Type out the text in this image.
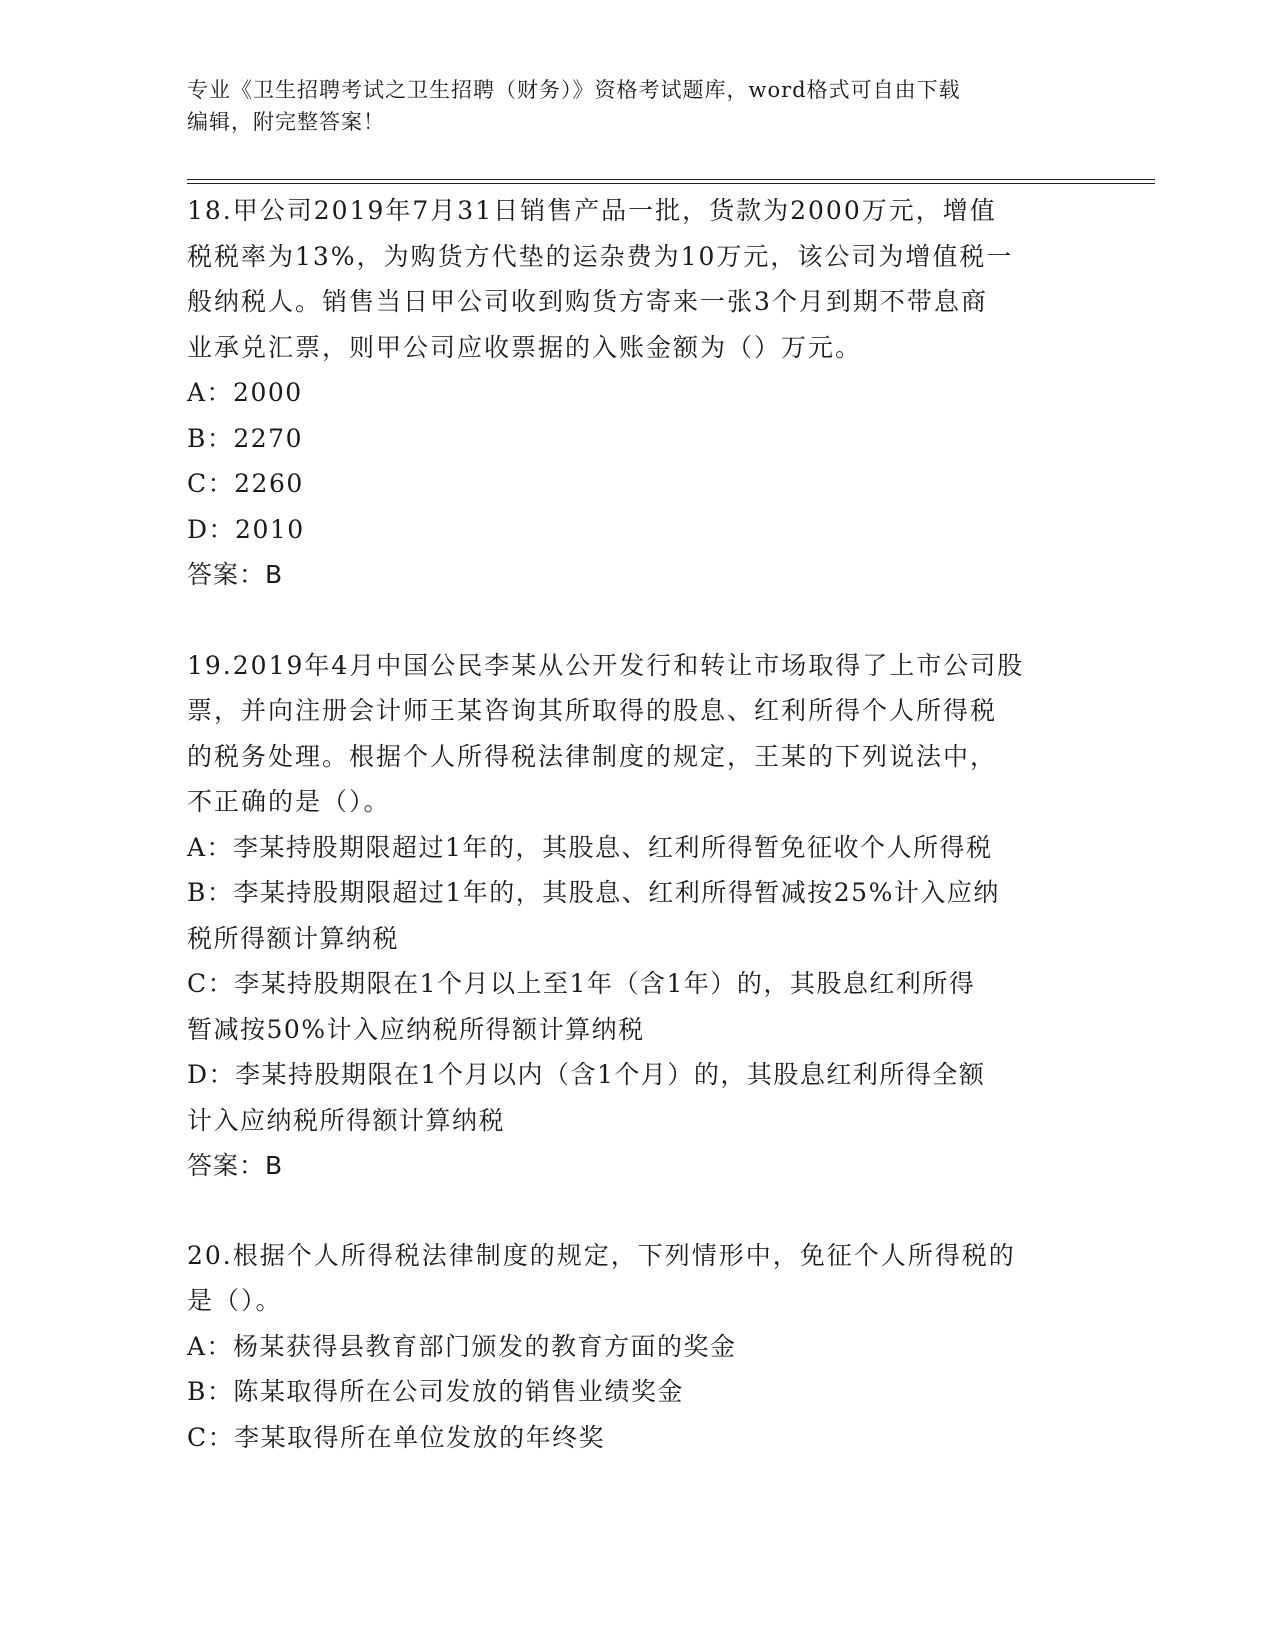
专业《卫生招聘考试之卫生招聘（财务）》资格考试题库，word格式可自由下载
编辑，附完整答案！
18.甲公司2019年7月31日销售产品一批，货款为2000万元，增值
税税率为13%，为购货方代垫的运杂费为10万元，该公司为增值税一
般纳税人。销售当日甲公司收到购货方寄来一张3个月到期不带息商
业承兑汇票，则甲公司应收票据的入账金额为（）万元。
A：2000
B：2270
C：2260
D：2010
答案：B
19.2019年4月中国公民李某从公开发行和转让市场取得了上市公司股
票，并向注册会计师王某咨询其所取得的股息、红利所得个人所得税
的税务处理。根据个人所得税法律制度的规定，王某的下列说法中，
不正确的是（）。
A：李某持股期限超过1年的，其股息、红利所得暂免征收个人所得税
B：李某持股期限超过1年的，其股息、红利所得暂减按25%计入应纳
税所得额计算纳税
C：李某持股期限在1个月以上至1年（含1年）的，其股息红利所得
暂减按50%计入应纳税所得额计算纳税
D：李某持股期限在1个月以内（含1个月）的，其股息红利所得全额
计入应纳税所得额计算纳税
答案：B
20.根据个人所得税法律制度的规定，下列情形中，免征个人所得税的
是（）。
A：杨某获得县教育部门颁发的教育方面的奖金
B：陈某取得所在公司发放的销售业绩奖金
C：李某取得所在单位发放的年终奖
